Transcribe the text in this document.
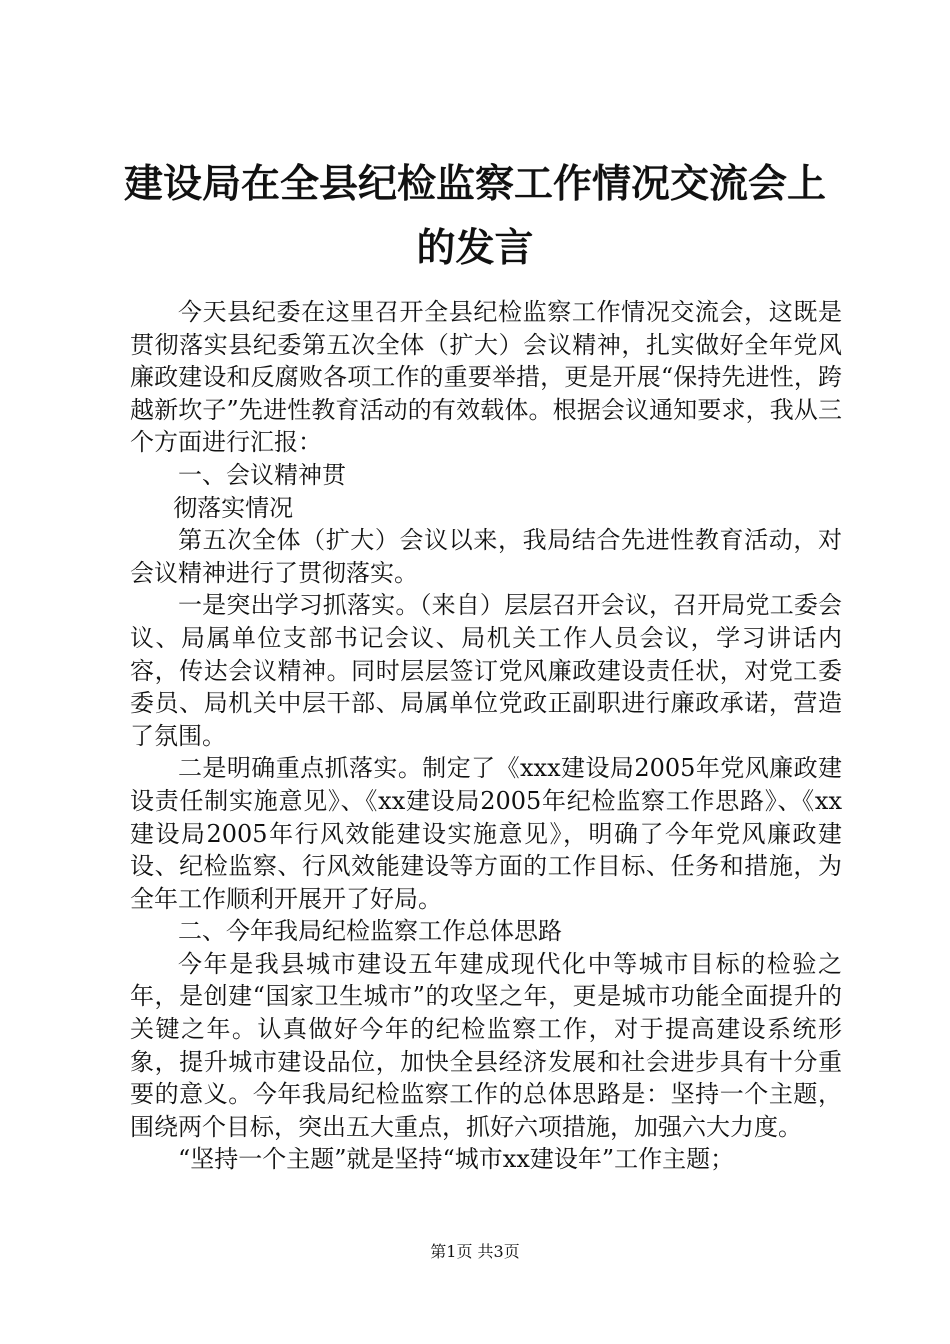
建设局在全县纪检监察工作情况交流会上的发言

今天县纪委在这里召开全县纪检监察工作情况交流会，这既是贯彻落实县纪委第五次全体（扩大）会议精神，扎实做好全年党风廉政建设和反腐败各项工作的重要举措，更是开展“保持先进性，跨越新坎子”先进性教育活动的有效载体。根据会议通知要求，我从三个方面进行汇报：

一、会议精神贯

彻落实情况

第五次全体（扩大）会议以来，我局结合先进性教育活动，对会议精神进行了贯彻落实。

一是突出学习抓落实。（来自）层层召开会议，召开局党工委会议、局属单位支部书记会议、局机关工作人员会议，学习讲话内容，传达会议精神。同时层层签订党风廉政建设责任状，对党工委委员、局机关中层干部、局属单位党政正副职进行廉政承诺，营造了氛围。

二是明确重点抓落实。制定了《xxx建设局2005年党风廉政建设责任制实施意见》、《xx建设局2005年纪检监察工作思路》、《xx建设局2005年行风效能建设实施意见》，明确了今年党风廉政建设、纪检监察、行风效能建设等方面的工作目标、任务和措施，为全年工作顺利开展开了好局。

二、今年我局纪检监察工作总体思路

今年是我县城市建设五年建成现代化中等城市目标的检验之年，是创建“国家卫生城市”的攻坚之年，更是城市功能全面提升的关键之年。认真做好今年的纪检监察工作，对于提高建设系统形象，提升城市建设品位，加快全县经济发展和社会进步具有十分重要的意义。今年我局纪检监察工作的总体思路是：坚持一个主题，围绕两个目标，突出五大重点，抓好六项措施，加强六大力度。

“坚持一个主题”就是坚持“城市xx建设年”工作主题；

第1页 共3页
